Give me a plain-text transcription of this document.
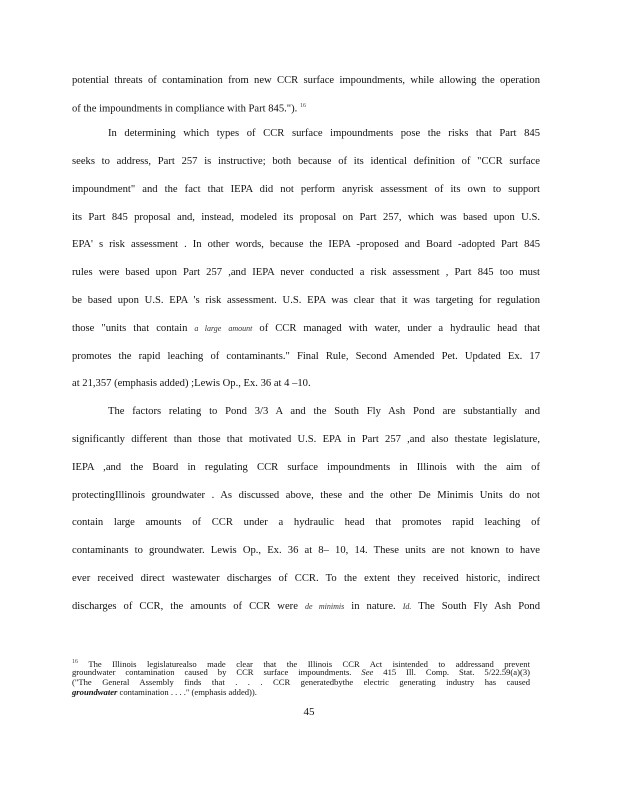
potential threats of contamination from new CCR surface impoundments, while allowing the operation
of the impoundments in compliance with Part 845."). $^{16}$
In determining which types of CCR surface impoundments pose the risks that Part 845
seeks to address, Part 257 is instructive; both because of its identical definition of "CCR surface
impoundment" and the fact that IEPA did not perform anyrisk assessment of its own to support
its Part 845 proposal and, instead, modeled its proposal on Part 257, which was based upon U.S.
EPA' s risk assessment . In other words, because the IEPA -proposed and Board -adopted Part 845
rules were based upon Part 257 ,and IEPA never conducted a risk assessment , Part 845 too must
be based upon U.S. EPA 's risk assessment. U.S. EPA was clear that it was targeting for regulation
those "units that contain a large amount of CCR managed with water, under a hydraulic head that
promotes the rapid leaching of contaminants." Final Rule, Second Amended Pet. Updated Ex. 17
at 21,357 (emphasis added) ;Lewis Op., Ex. 36 at 4 –10.
The factors relating to Pond 3/3 A and the South Fly Ash Pond are substantially and
significantly different than those that motivated U.S. EPA in Part 257 ,and also thestate legislature,
IEPA ,and the Board in regulating CCR surface impoundments in Illinois with the aim of
protectingIllinois groundwater . As discussed above, these and the other De Minimis Units do not
contain large amounts of CCR under a hydraulic head that promotes rapid leaching of
contaminants to groundwater. Lewis Op., Ex. 36 at 8– 10, 14. These units are not known to have
ever received direct wastewater discharges of CCR. To the extent they received historic, indirect
discharges of CCR, the amounts of CCR were de minimis in nature. Id. The South Fly Ash Pond
$^{16}$ The Illinois legislaturealso made clear that the Illinois CCR Act isintended to addressand prevent
groundwater contamination caused by CCR surface impoundments. See 415 Ill. Comp. Stat. 5/22.59(a)(3)
("The General Assembly finds that . . . CCR generatedbythe electric generating industry has caused
groundwater contamination . . . ." (emphasis added)).
45
